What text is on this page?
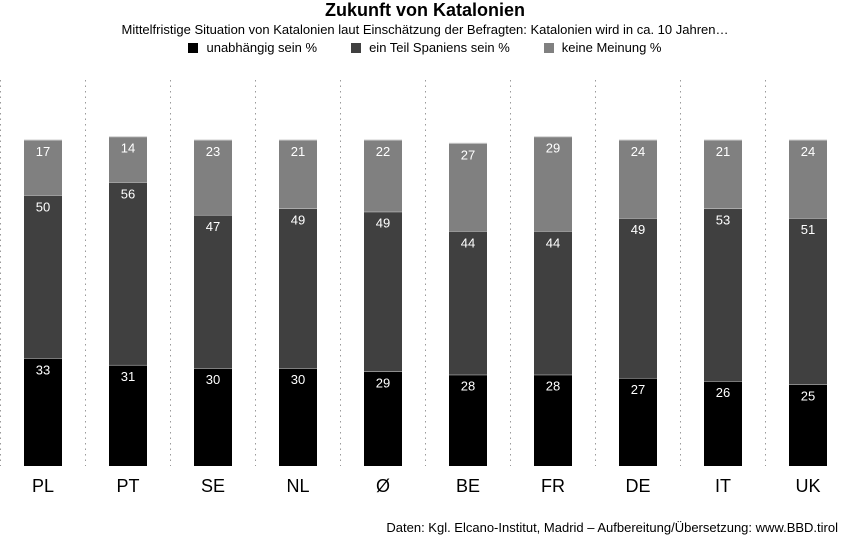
Zukunft von Katalonien
Mittelfristige Situation von Katalonien laut Einschätzung der Befragten: Katalonien wird in ca. 10 Jahren…
unabhängig sein %	ein Teil Spaniens sein %	keine Meinung %
33
50
17
PL
31
56
14
PT
30
47
23
SE
30
49
21
NL
29
49
22
Ø
28
44
27
BE
28
44
29
FR
27
49
24
DE
26
53
21
IT
25
51
24
UK
Daten: Kgl. Elcano-Institut, Madrid – Aufbereitung/Übersetzung: www.BBD.tirol
